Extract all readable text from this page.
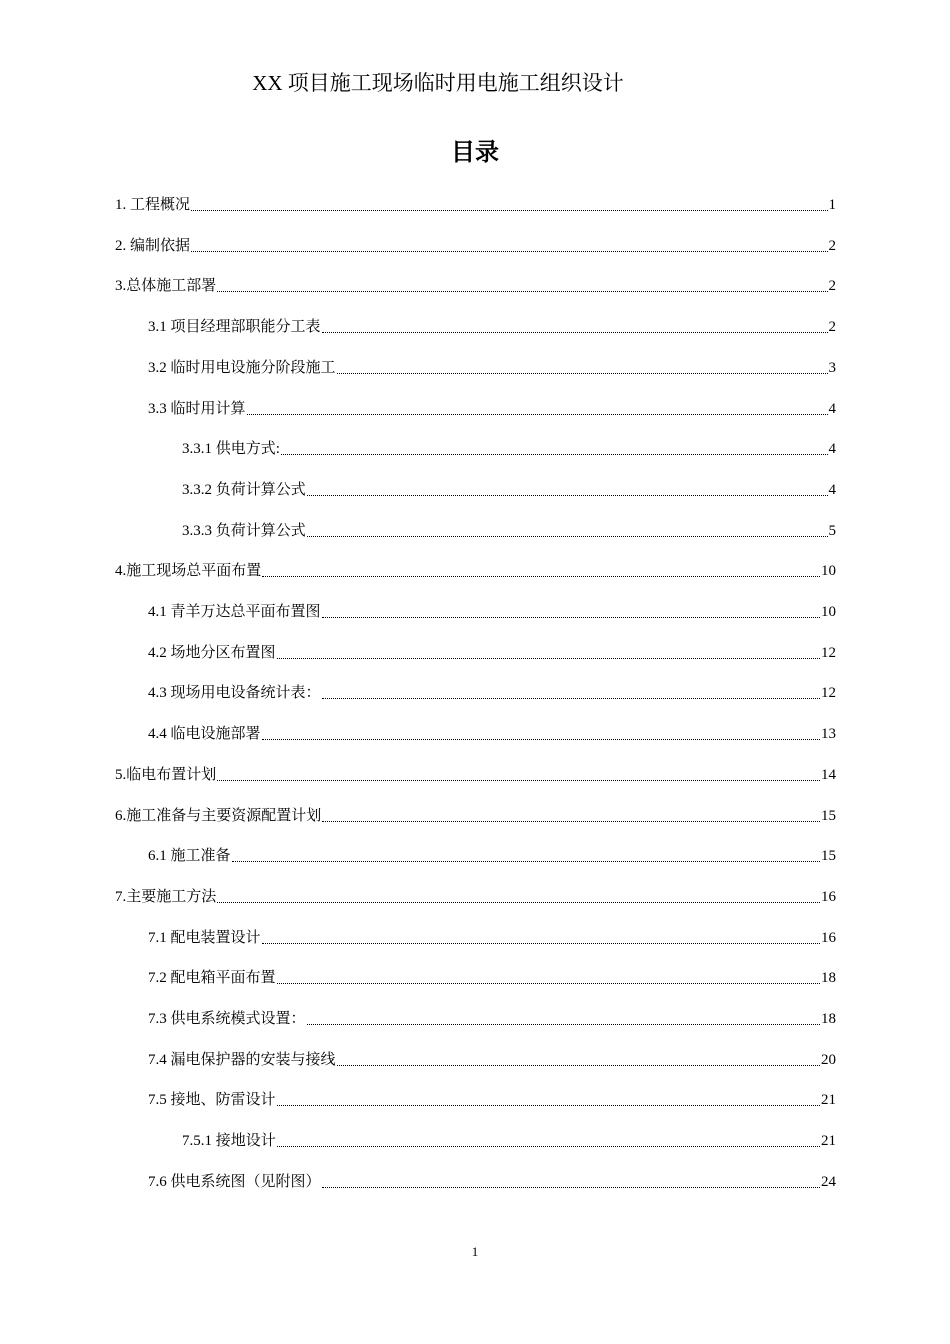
XX 项目施工现场临时用电施工组织设计
目录
1. 工程概况	1
2. 编制依据	2
3.总体施工部署	2
3.1 项目经理部职能分工表	2
3.2 临时用电设施分阶段施工	3
3.3 临时用计算	4
3.3.1 供电方式:	4
3.3.2 负荷计算公式	4
3.3.3 负荷计算公式	5
4.施工现场总平面布置	10
4.1 青羊万达总平面布置图	10
4.2 场地分区布置图	12
4.3 现场用电设备统计表：	12
4.4 临电设施部署	13
5.临电布置计划	14
6.施工准备与主要资源配置计划	15
6.1 施工准备	15
7.主要施工方法	16
7.1 配电装置设计	16
7.2 配电箱平面布置	18
7.3 供电系统模式设置：	18
7.4 漏电保护器的安装与接线	20
7.5 接地、防雷设计	21
7.5.1 接地设计	21
7.6 供电系统图（见附图）	24
1
